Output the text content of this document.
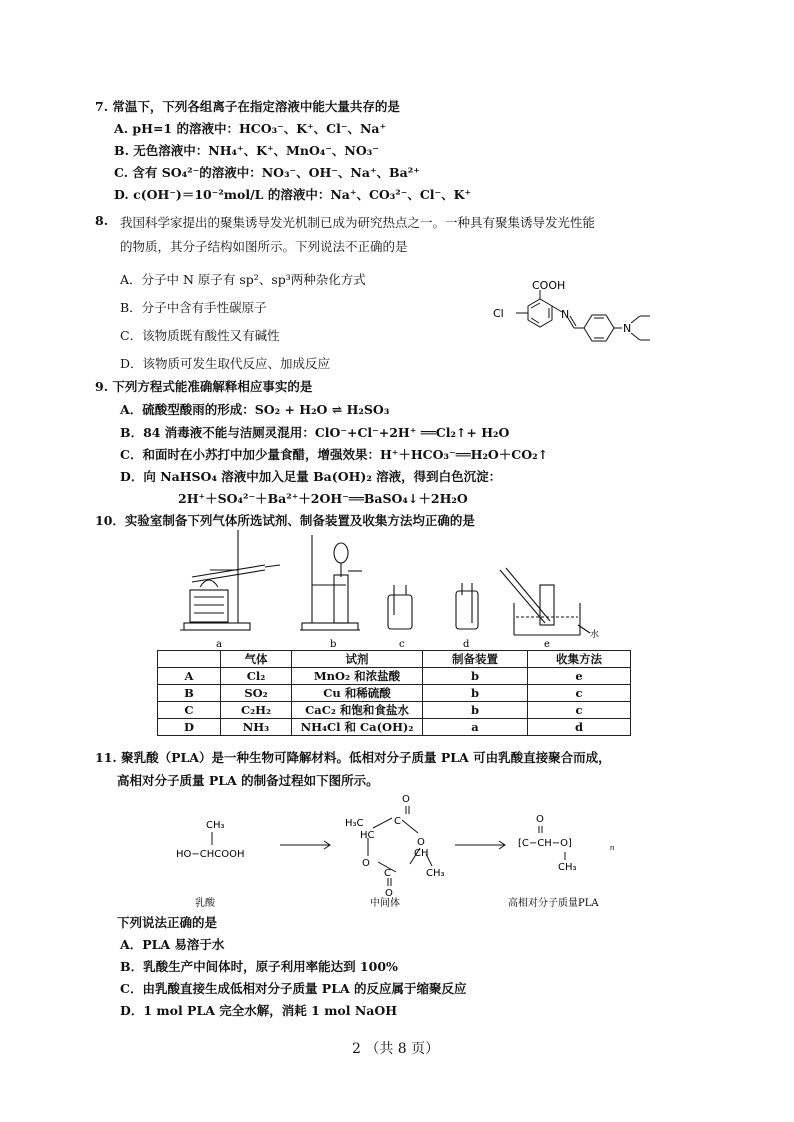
7. 常温下，下列各组离子在指定溶液中能大量共存的是
A. pH=1 的溶液中：HCO₃⁻、K⁺、Cl⁻、Na⁺
B. 无色溶液中：NH₄⁺、K⁺、MnO₄⁻、NO₃⁻
C. 含有 SO₄²⁻的溶液中：NO₃⁻、OH⁻、Na⁺、Ba²⁺
D. c(OH⁻)＝10⁻²mol/L 的溶液中：Na⁺、CO₃²⁻、Cl⁻、K⁺
8. 我国科学家提出的聚集诱导发光机制已成为研究热点之一。一种具有聚集诱导发光性能
的物质，其分子结构如图所示。下列说法不正确的是
A．分子中 N 原子有 sp²、sp³两种杂化方式
B．分子中含有手性碳原子
C．该物质既有酸性又有碱性
D．该物质可发生取代反应、加成反应
COOH
Cl	N
N
9. 下列方程式能准确解释相应事实的是
A．硫酸型酸雨的形成：SO₂ + H₂O ⇌ H₂SO₃
B．84 消毒液不能与洁厕灵混用：ClO⁻+Cl⁻+2H⁺ ══Cl₂↑+ H₂O
C．和面时在小苏打中加少量食醋，增强效果：H⁺＋HCO₃⁻══H₂O＋CO₂↑
D．向 NaHSO₄ 溶液中加入足量 Ba(OH)₂ 溶液，得到白色沉淀：
2H⁺＋SO₄²⁻＋Ba²⁺＋2OH⁻══BaSO₄↓＋2H₂O
10．实验室制备下列气体所选试剂、制备装置及收集方法均正确的是
a	b	c	d	e
水
	气体	试剂	制备装置	收集方法
A	Cl₂	MnO₂ 和浓盐酸	b	e
B	SO₂	Cu 和稀硫酸	b	c
C	C₂H₂	CaC₂ 和饱和食盐水	b	c
D	NH₃	NH₄Cl 和 Ca(OH)₂	a	d
11. 聚乳酸（PLA）是一种生物可降解材料。低相对分子质量 PLA 可由乳酸直接聚合而成，
高相对分子质量 PLA 的制备过程如下图所示。
CH₃
HO−CHCOOH
H₃C
HC
C
O
O
O
C
O
CH
CH₃
O
[C−CH−O]	n
CH₃
乳酸	中间体	高相对分子质量PLA
下列说法正确的是
A．PLA 易溶于水
B．乳酸生产中间体时，原子利用率能达到 100%
C．由乳酸直接生成低相对分子质量 PLA 的反应属于缩聚反应
D．1 mol PLA 完全水解，消耗 1 mol NaOH
2 （共 8 页）
